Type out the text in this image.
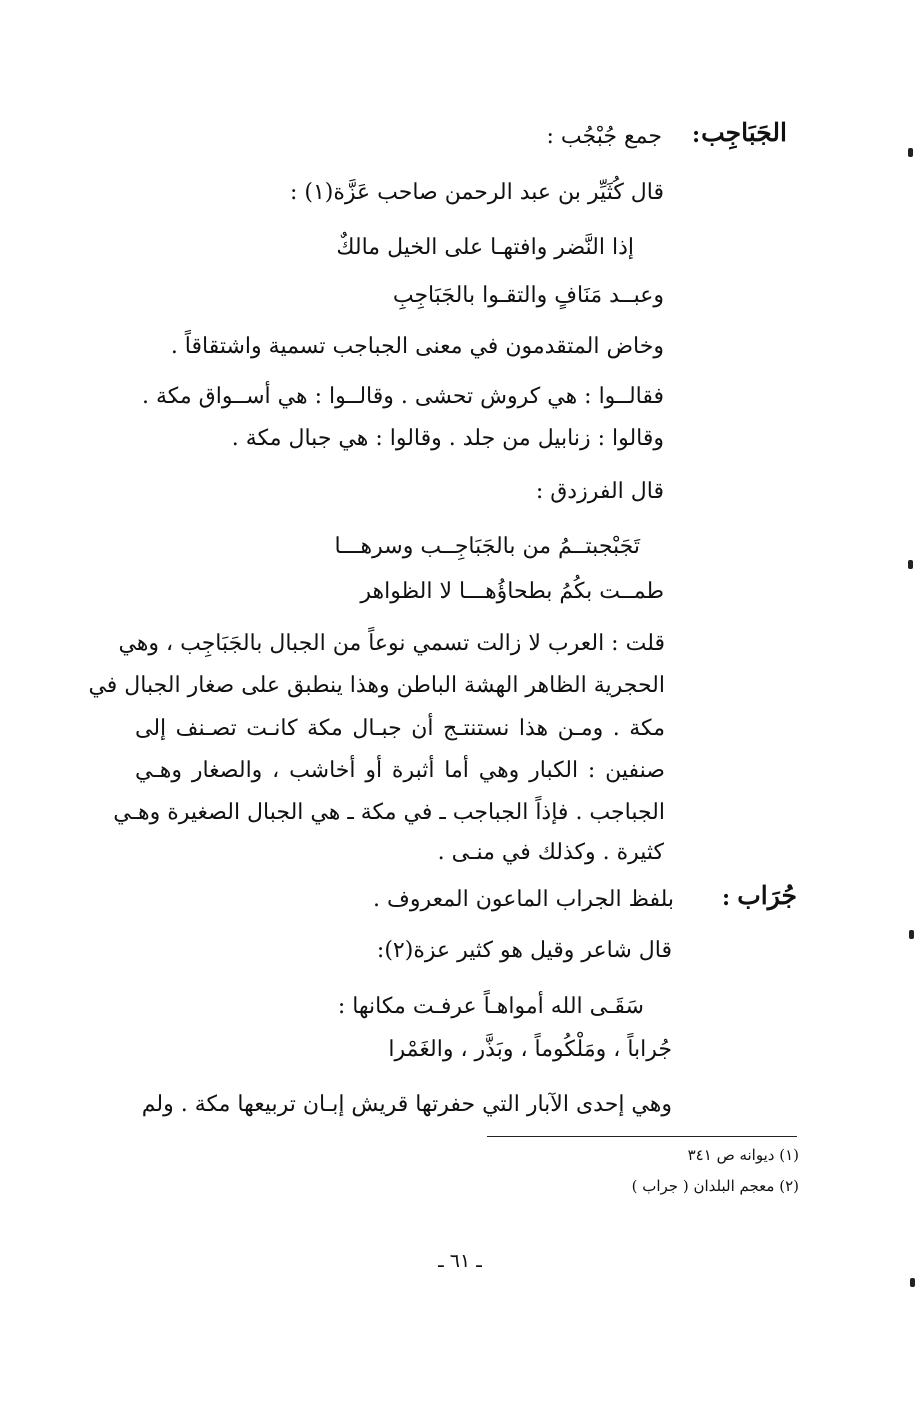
الجَبَاجِب
:
جمع جُبْجُب :
قال كُثَيِّر بن عبد الرحمن صاحب عَزَّة(١) :
إذا النَّضر وافتهـا على الخيل مالكٌ
وعبــد مَنَافٍ والتقـوا بالجَبَاجِبِ
وخاض المتقدمون في معنى الجباجب تسمية واشتقاقاً .
فقالــوا : هي كروش تحشى . وقالــوا : هي أســواق مكة .
وقالوا : زنابيل من جلد . وقالوا : هي جبال مكة .
قال الفرزدق :
تَجَبْجبتــمُ من بالجَبَاجِــب وسرهـــا
طمــت بكُمُ بطحاؤُهـــا لا الظواهر
قلت : العرب لا زالت تسمي نوعاً من الجبال بالجَبَاجِب ، وهي
الحجرية الظاهر الهشة الباطن وهذا ينطبق على صغار الجبال في
مكة . ومـن هذا نستنتـج أن جبـال مكة كانـت تصـنف إلى
صنفين : الكبار وهي أما أثبرة أو أخاشب ، والصغار وهـي
الجباجب . فإذاً الجباجب ـ في مكة ـ هي الجبال الصغيرة وهـي
كثيرة . وكذلك في منـى .
جُرَاب
:
بلفظ الجراب الماعون المعروف .
قال شاعر وقيل هو كثير عزة(٢):
سَقَـى الله أمواهـاً عرفـت مكانها :
جُراباً ، ومَلْكُوماً ، وبَذَّر ، والغَمْرا
وهي إحدى الآبار التي حفرتها قريش إبـان تربيعها مكة . ولم
(١) ديوانه ص ٣٤١
(٢) معجم البلدان ( جراب )
ـ ٦١ ـ
